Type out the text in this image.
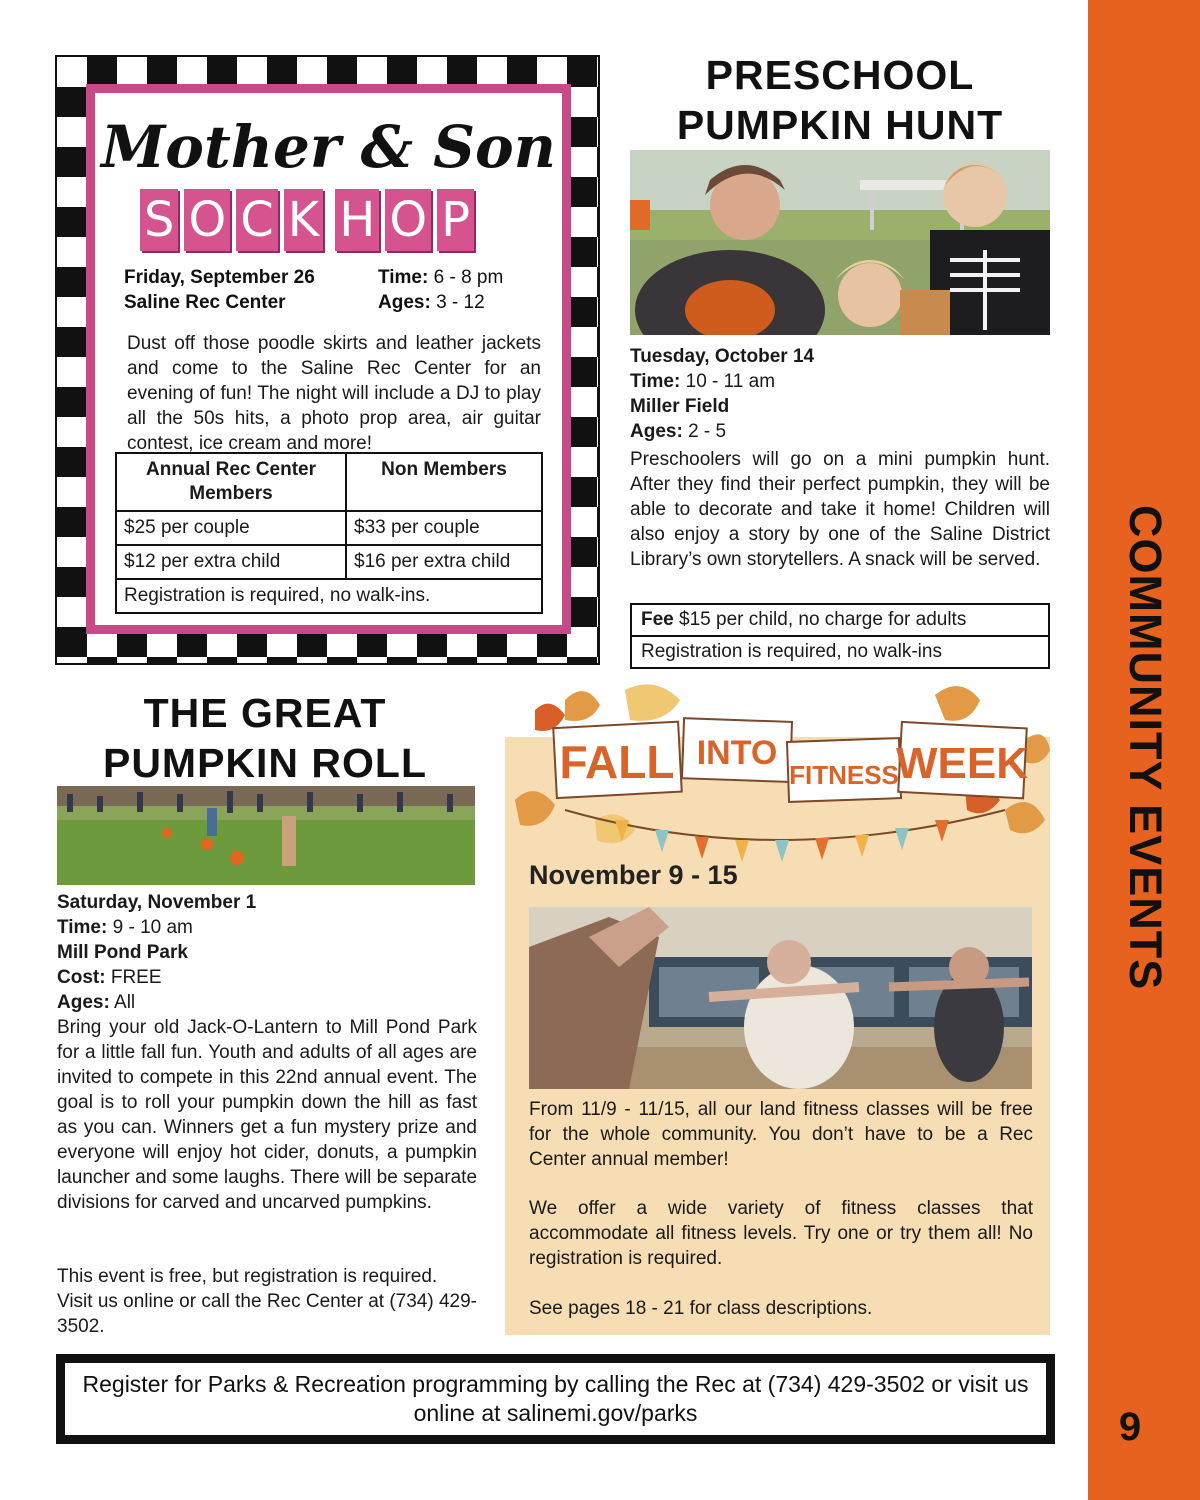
COMMUNITY EVENTS
9
Mother & Son
S O C K H O P
Friday, September 26
Saline Rec Center
Time: 6 - 8 pm
Ages: 3 - 12
Dust off those poodle skirts and leather jackets and come to the Saline Rec Center for an evening of fun! The night will include a DJ to play all the 50s hits, a photo prop area, air guitar contest, ice cream and more!
Annual Rec Center Members	Non Members
$25 per couple	$33 per couple
$12 per extra child	$16 per extra child
Registration is required, no walk-ins.	
PRESCHOOL
PUMPKIN HUNT
Tuesday, October 14
Time: 10 - 11 am
Miller Field
Ages: 2 - 5
Preschoolers will go on a mini pumpkin hunt. After they find their perfect pumpkin, they will be able to decorate and take it home! Children will also enjoy a story by one of the Saline District Library’s own storytellers. A snack will be served.
Fee $15 per child, no charge for adults
Registration is required, no walk-ins
THE GREAT
PUMPKIN ROLL
Saturday, November 1
Time: 9 - 10 am
Mill Pond Park
Cost: FREE
Ages: All
Bring your old Jack-O-Lantern to Mill Pond Park for a little fall fun. Youth and adults of all ages are invited to compete in this 22nd annual event. The goal is to roll your pumpkin down the hill as fast as you can. Winners get a fun mystery prize and everyone will enjoy hot cider, donuts, a pumpkin launcher and some laughs. There will be separate divisions for carved and uncarved pumpkins.
This event is free, but registration is required. Visit us online or call the Rec Center at (734) 429-3502.
FALL INTO
FITNESS
WEEK
November 9 - 15
From 11/9 - 11/15, all our land fitness classes will be free for the whole community. You don’t have to be a Rec Center annual member!
We offer a wide variety of fitness classes that accommodate all fitness levels. Try one or try them all! No registration is required.
See pages 18 - 21 for class descriptions.
Register for Parks & Recreation programming by calling the Rec at (734) 429-3502 or visit us online at salinemi.gov/parks
